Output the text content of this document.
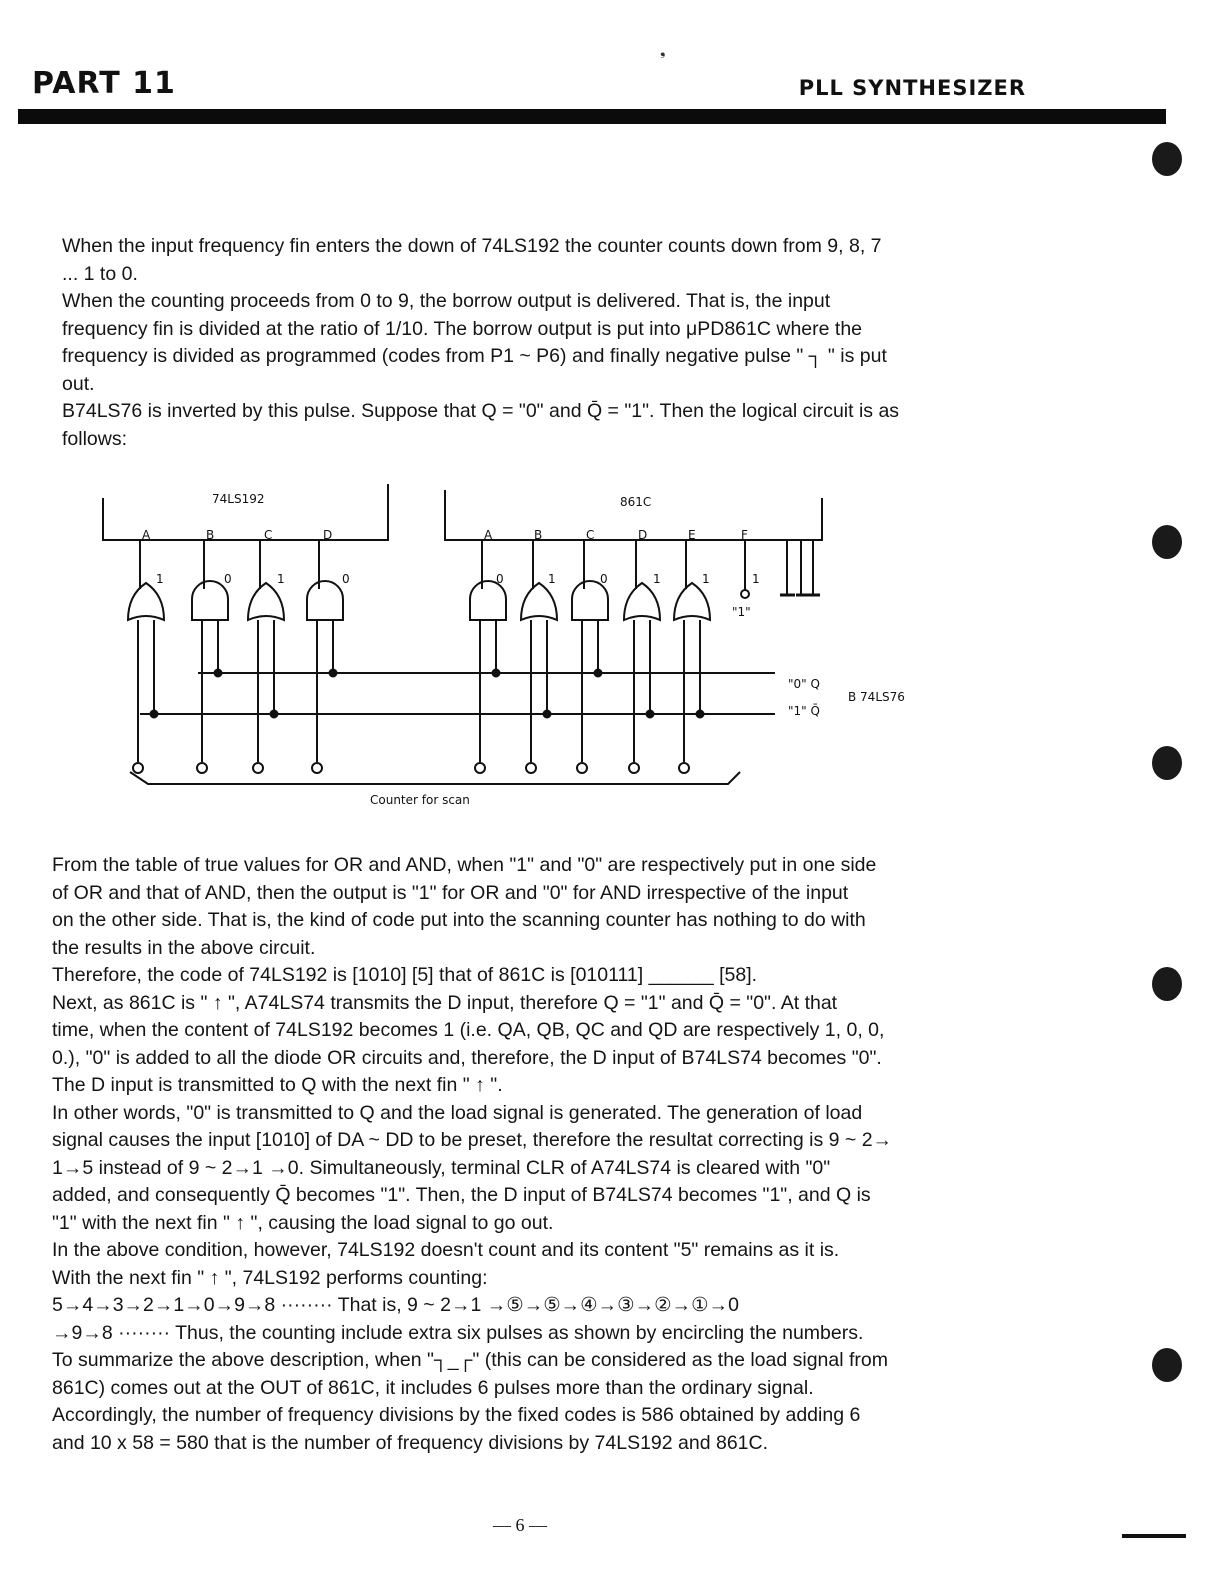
❟
PART 11	PLL SYNTHESIZER
When the input frequency fin enters the down of 74LS192 the counter counts down from 9, 8, 7
... 1 to 0.
When the counting proceeds from 0 to 9, the borrow output is delivered. That is, the input
frequency fin is divided at the ratio of 1/10. The borrow output is put into μPD861C where the
frequency is divided as programmed (codes from P1 ~ P6) and finally negative pulse " ┐ " is put
out.
B74LS76 is inverted by this pulse. Suppose that Q = "0" and Q̄ = "1". Then the logical circuit is as
follows:
74LS192	861C
A	B	C	D	A	B	C	D	E	F
1	0	1	0	0	1	0	1	1	1
"1"
"0" Q
"1" Q̄
B 74LS76
Counter for scan
From the table of true values for OR and AND, when "1" and "0" are respectively put in one side
of OR and that of AND, then the output is "1" for OR and "0" for AND irrespective of the input
on the other side. That is, the kind of code put into the scanning counter has nothing to do with
the results in the above circuit.
Therefore, the code of 74LS192 is [1010] [5] that of 861C is [010111] ______ [58].
Next, as 861C is " ↑ ", A74LS74 transmits the D input, therefore Q = "1" and Q̄ = "0". At that
time, when the content of 74LS192 becomes 1 (i.e. QA, QB, QC and QD are respectively 1, 0, 0,
0.), "0" is added to all the diode OR circuits and, therefore, the D input of B74LS74 becomes "0".
The D input is transmitted to Q with the next fin " ↑ ".
In other words, "0" is transmitted to Q and the load signal is generated. The generation of load
signal causes the input [1010] of DA ~ DD to be preset, therefore the resultat correcting is 9 ~ 2→
1→5 instead of 9 ~ 2→1 →0. Simultaneously, terminal CLR of A74LS74 is cleared with "0"
added, and consequently Q̄ becomes "1". Then, the D input of B74LS74 becomes "1", and Q is
"1" with the next fin " ↑ ", causing the load signal to go out.
In the above condition, however, 74LS192 doesn't count and its content "5" remains as it is.
With the next fin " ↑ ", 74LS192 performs counting:
5→4→3→2→1→0→9→8 ········ That is, 9 ~ 2→1 →⑤→⑤→④→③→②→①→0
→9→8 ········ Thus, the counting include extra six pulses as shown by encircling the numbers.
To summarize the above description, when "┐_┌" (this can be considered as the load signal from
861C) comes out at the OUT of 861C, it includes 6 pulses more than the ordinary signal.
Accordingly, the number of frequency divisions by the fixed codes is 586 obtained by adding 6
and 10 x 58 = 580 that is the number of frequency divisions by 74LS192 and 861C.
— 6 —
